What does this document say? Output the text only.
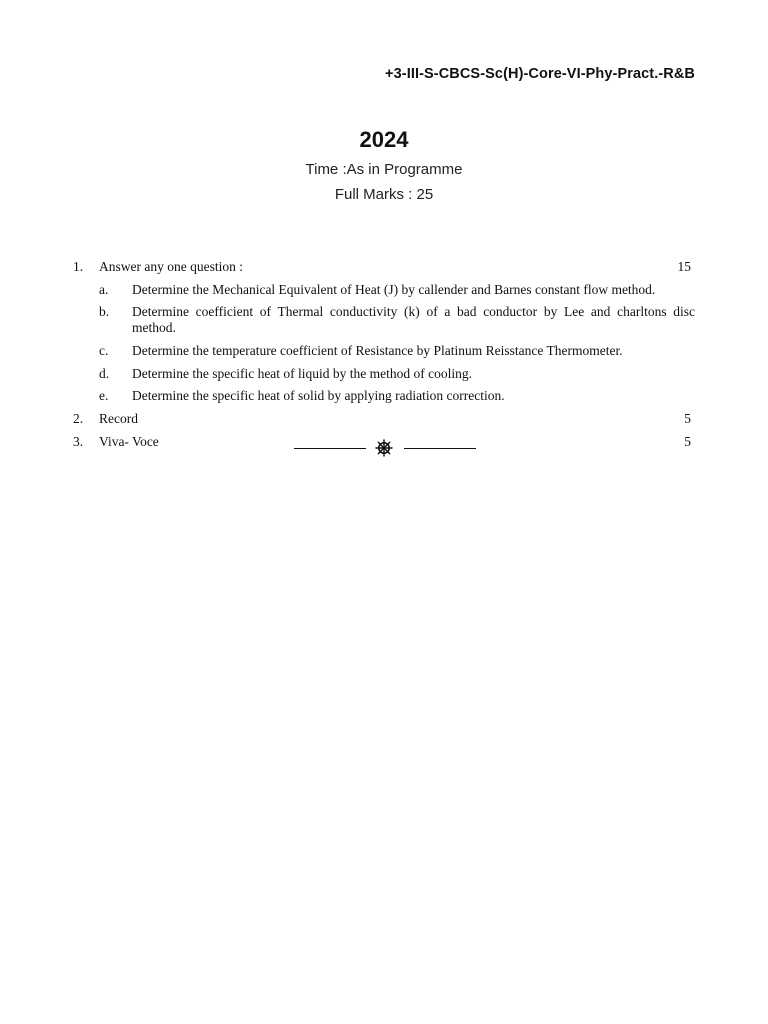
+3-III-S-CBCS-Sc(H)-Core-VI-Phy-Pract.-R&B
2024
Time :As in Programme
Full Marks : 25
1. Answer any one question :	15
a. Determine the Mechanical Equivalent of Heat (J) by callender and Barnes constant flow method.
b. Determine coefficient of Thermal conductivity (k) of a bad conductor by Lee and charltons disc method.
c. Determine the temperature coefficient of Resistance by Platinum Reisstance Thermometer.
d. Determine the specific heat of liquid by the method of cooling.
e. Determine the specific heat of solid by applying radiation correction.
2. Record	5
3. Viva- Voce	5
